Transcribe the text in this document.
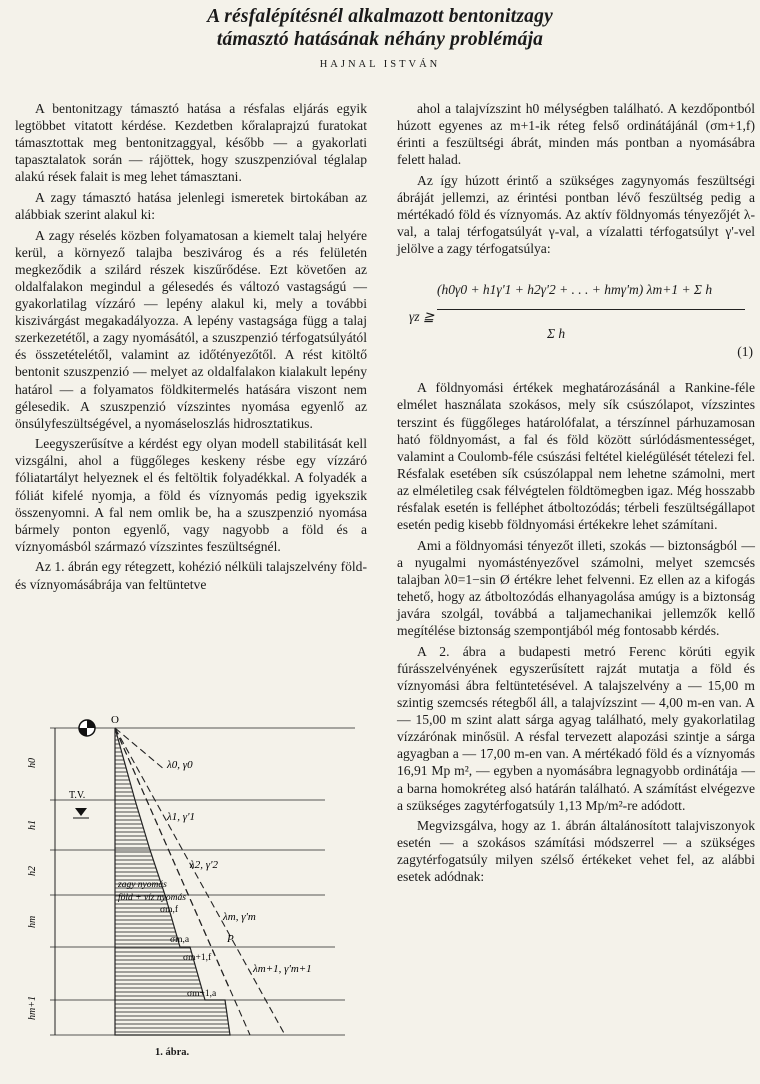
A résfalépítésnél alkalmazott bentonitzagy
támasztó hatásának néhány problémája
HAJNAL ISTVÁN

A bentonitzagy támasztó hatása a résfalas eljárás egyik legtöbbet vitatott kérdése. Kezdetben kőralaprajzú furatokat támasztottak meg bentonitzaggyal, később — a gyakorlati tapasztalatok során — rájöttek, hogy szuszpenzióval téglalap alakú rések falait is meg lehet támasztani.

A zagy támasztó hatása jelenlegi ismeretek birtokában az alábbiak szerint alakul ki:

A zagy réselés közben folyamatosan a kiemelt talaj helyére kerül, a környező talajba beszivárog és a rés felületén megkeződik a szilárd részek kiszűrődése. Ezt követően az oldalfalakon megindul a gélesedés és változó vastagságú — gyakorlatilag vízzáró — lepény alakul ki, mely a további kiszivárgást megakadályozza. A lepény vastagsága függ a talaj szerkezetétől, a zagy nyomásától, a szuszpenzió térfogatsúlyától és összetételétől, valamint az időtényezőtől. A rést kitöltő bentonit szuszpenzió — melyet az oldalfalakon kialakult lepény határol — a folyamatos földkitermelés hatására viszont nem gélesedik. A szuszpenzió vízszintes nyomása egyenlő az önsúlyfeszültségével, a nyomáseloszlás hidrosztatikus.

Leegyszerűsítve a kérdést egy olyan modell stabilitását kell vizsgálni, ahol a függőleges keskeny résbe egy vízzáró fóliatartályt helyeznek el és feltöltik folyadékkal. A folyadék a fóliát kifelé nyomja, a föld és víznyomás pedig igyekszik összenyomni. A fal nem omlik be, ha a szuszpenzió nyomása bármely ponton egyenlő, vagy nagyobb a föld és a víznyomásból származó vízszintes feszültségnél.

Az 1. ábrán egy rétegzett, kohézió nélküli talajszelvény föld- és víznyomásábrája van feltüntetve

ahol a talajvízszint h0 mélységben található. A kezdőpontból húzott egyenes az m+1-ik réteg felső ordinátájánál (σm+1,f) érinti a feszültségi ábrát, minden más pontban a nyomásábra felett halad.

Az így húzott érintő a szükséges zagynyomás feszültségi ábráját jellemzi, az érintési pontban lévő feszültség pedig a mértékadó föld és víznyomás. Az aktív földnyomás tényezőjét λ-val, a talaj térfogatsúlyát γ-val, a vízalatti térfogatsúlyt γ'-vel jelölve a zagy térfogatsúlya:

γz ≧
(h0γ0 + h1γ'1 + h2γ'2 + . . . + hmγ'm) λm+1 + Σ h
Σ h
(1)

A földnyomási értékek meghatározásánál a Rankine-féle elmélet használata szokásos, mely sík csúszólapot, vízszintes terszint és függőleges határolófalat, a térszínnel párhuzamosan ható földnyomást, a fal és föld között súrlódásmentességet, valamint a Coulomb-féle csúszási feltétel kielégülését tételezi fel. Résfalak esetében sík csúszólappal nem lehetne számolni, mert az elméletileg csak félvégtelen földtömegben igaz. Még hosszabb résfalak esetén is felléphet átboltozódás; térbeli feszültségállapot esetén pedig kisebb földnyomási értékekre lehet számítani.

Ami a földnyomási tényezőt illeti, szokás — biztonságból — a nyugalmi nyomástényezővel számolni, melyet szemcsés talajban λ0=1−sin Ø értékre lehet felvenni. Ez ellen az a kifogás tehető, hogy az átboltozódás elhanyagolása amúgy is a biztonság javára szolgál, továbbá a taljamechanikai jellemzők kellő megítélése biztonság szempontjából még fontosabb kérdés.

A 2. ábra a budapesti metró Ferenc körúti egyik fúrásszelvényének egyszerűsített rajzát mutatja a föld és víznyomási ábra feltüntetésével. A talajszelvény a — 15,00 m szintig szemcsés rétegből áll, a talajvízszint — 4,00 m-en van. A — 15,00 m szint alatt sárga agyag található, mely gyakorlatilag vízzárónak minősül. A résfal tervezett alapozási szintje a sárga agyagban a — 17,00 m-en van. A mértékadó föld és a víznyomás 16,91 Mp m², — egyben a nyomásábra legnagyobb ordinátája — a barna homokréteg alsó határán található. A számítást elvégezve a szükséges zagytérfogatsúly 1,13 Mp/m²-re adódott.

Megvizsgálva, hogy az 1. ábrán általánosított talajviszonyok esetén — a szokásos számítási módszerrel — a szükséges zagytérfogatsúly milyen szélső értékeket vehet fel, az alábbi esetek adódnak:

O
T.V.
λ0, γ0
λ1, γ'1
λ2, γ'2
λm, γ'm
λm+1, γ'm+1
zagy nyomás
föld + víz nyomás
σm,f
σm,a
σm+1,f
σm+1,a
P
h0
h1
h2
hm
hm+1
1. ábra.
